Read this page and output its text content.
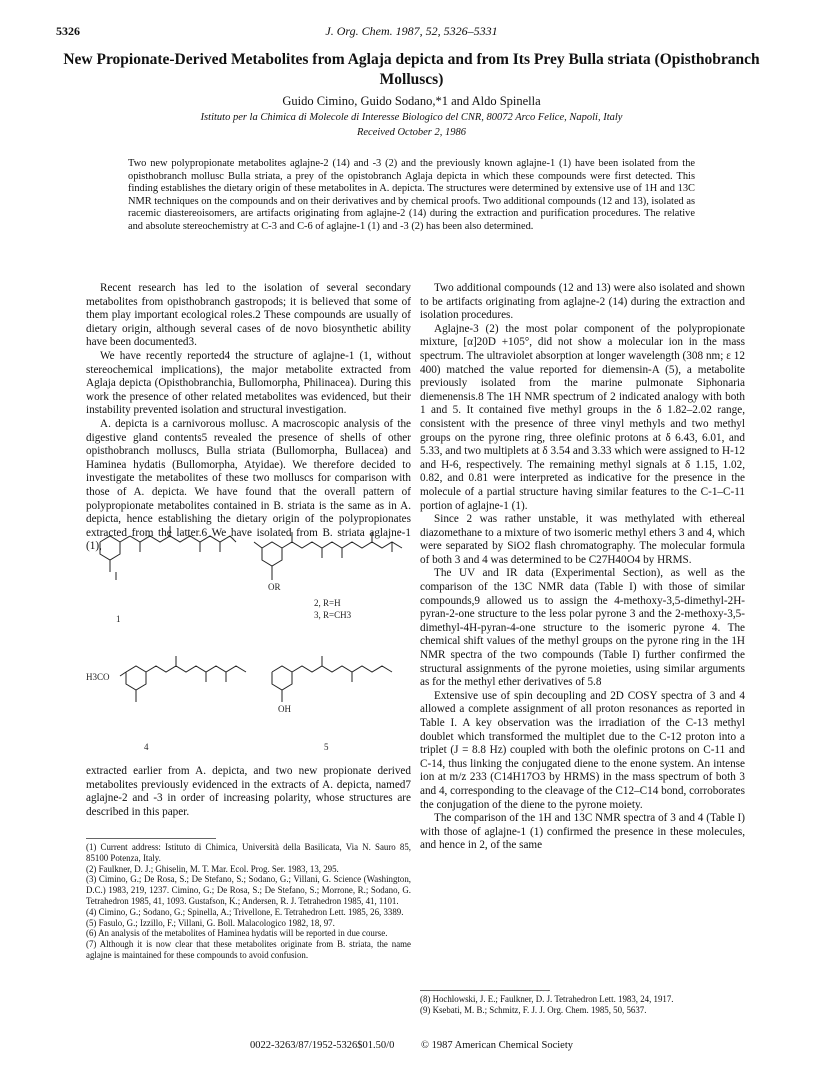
5326	J. Org. Chem. 1987, 52, 5326–5331
New Propionate-Derived Metabolites from Aglaja depicta and from Its Prey Bulla striata (Opisthobranch Molluscs)
Guido Cimino, Guido Sodano,*1 and Aldo Spinella
Istituto per la Chimica di Molecole di Interesse Biologico del CNR, 80072 Arco Felice, Napoli, Italy
Received October 2, 1986
Two new polypropionate metabolites aglajne-2 (14) and -3 (2) and the previously known aglajne-1 (1) have been isolated from the opisthobranch mollusc Bulla striata, a prey of the opistobranch Aglaja depicta in which these compounds were first detected. This finding establishes the dietary origin of these metabolites in A. depicta. The structures were determined by extensive use of 1H and 13C NMR techniques on the compounds and on their derivatives and by chemical proofs. Two additional compounds (12 and 13), isolated as racemic diastereoisomers, are artifacts originating from aglajne-2 (14) during the extraction and purification procedures. The relative and absolute stereochemistry at C-3 and C-6 of aglajne-1 (1) and -3 (2) has been also determined.

Recent research has led to the isolation of several secondary metabolites from opisthobranch gastropods; it is believed that some of them play important ecological roles.2 These compounds are usually of dietary origin, although several cases of de novo biosynthetic ability have been documented3.

We have recently reported4 the structure of aglajne-1 (1, without stereochemical implications), the major metabolite extracted from Aglaja depicta (Opisthobranchia, Bullomorpha, Philinacea). During this work the presence of other related metabolites was evidenced, but their instability prevented isolation and structural investigation.

A. depicta is a carnivorous mollusc. A macroscopic analysis of the digestive gland contents5 revealed the presence of shells of other opisthobranch molluscs, Bulla striata (Bullomorpha, Bullacea) and Haminea hydatis (Bullomorpha, Atyidae). We therefore decided to investigate the metabolites of these two molluscs for comparison with those of A. depicta. We have found that the overall pattern of polypropionate metabolites contained in B. striata is the same as in A. depicta, hence establishing the dietary origin of the polypropionates extracted from the latter.6 We have isolated from B. striata aglajne-1 (1),

1
2, R=H
3, R=CH3
4	5
OH
OR
H3CO

extracted earlier from A. depicta, and two new propionate derived metabolites previously evidenced in the extracts of A. depicta, named7 aglajne-2 and -3 in order of increasing polarity, whose structures are described in this paper.

Two additional compounds (12 and 13) were also isolated and shown to be artifacts originating from aglajne-2 (14) during the extraction and isolation procedures.

Aglajne-3 (2) the most polar component of the polypropionate mixture, [α]20D +105°, did not show a molecular ion in the mass spectrum. The ultraviolet absorption at longer wavelength (308 nm; ε 12 400) matched the value reported for diemensin-A (5), a metabolite previously isolated from the marine pulmonate Siphonaria diemenensis.8 The 1H NMR spectrum of 2 indicated analogy with both 1 and 5. It contained five methyl groups in the δ 1.82–2.02 range, consistent with the presence of three vinyl methyls and two methyl groups on the pyrone ring, three olefinic protons at δ 6.43, 6.01, and 5.33, and two multiplets at δ 3.54 and 3.33 which were assigned to H-12 and H-6, respectively. The remaining methyl signals at δ 1.15, 1.02, 0.82, and 0.81 were interpreted as indicative for the presence in the molecule of a partial structure having similar features to the C-1–C-11 portion of aglajne-1 (1).

Since 2 was rather unstable, it was methylated with ethereal diazomethane to a mixture of two isomeric methyl ethers 3 and 4, which were separated by SiO2 flash chromatography. The molecular formula of both 3 and 4 was determined to be C27H40O4 by HRMS.

The UV and IR data (Experimental Section), as well as the comparison of the 13C NMR data (Table I) with those of similar compounds,9 allowed us to assign the 4-methoxy-3,5-dimethyl-2H-pyran-2-one structure to the less polar pyrone 3 and the 2-methoxy-3,5-dimethyl-4H-pyran-4-one structure to the isomeric pyrone 4. The chemical shift values of the methyl groups on the pyrone ring in the 1H NMR spectra of the two compounds (Table I) further confirmed the structural assignments of the pyrone moieties, using similar arguments as for the methyl ether derivatives of 5.8

Extensive use of spin decoupling and 2D COSY spectra of 3 and 4 allowed a complete assignment of all proton resonances as reported in Table I. A key observation was the irradiation of the C-13 methyl doublet which transformed the multiplet due to the C-12 proton into a triplet (J = 8.8 Hz) coupled with both the olefinic protons on C-11 and C-14, thus linking the conjugated diene to the enone system. An intense ion at m/z 233 (C14H17O3 by HRMS) in the mass spectrum of both 3 and 4, corresponding to the cleavage of the C12–C14 bond, corroborates the conjugation of the diene to the pyrone moiety.

The comparison of the 1H and 13C NMR spectra of 3 and 4 (Table I) with those of aglajne-1 (1) confirmed the presence in these molecules, and hence in 2, of the same

(1) Current address: Istituto di Chimica, Università della Basilicata, Via N. Sauro 85, 85100 Potenza, Italy.
(2) Faulkner, D. J.; Ghiselin, M. T. Mar. Ecol. Prog. Ser. 1983, 13, 295.
(3) Cimino, G.; De Rosa, S.; De Stefano, S.; Sodano, G.; Villani, G. Science (Washington, D.C.) 1983, 219, 1237. Cimino, G.; De Rosa, S.; De Stefano, S.; Morrone, R.; Sodano, G. Tetrahedron 1985, 41, 1093. Gustafson, K.; Andersen, R. J. Tetrahedron 1985, 41, 1101.
(4) Cimino, G.; Sodano, G.; Spinella, A.; Trivellone, E. Tetrahedron Lett. 1985, 26, 3389.
(5) Fasulo, G.; Izzillo, F.; Villani, G. Boll. Malacologico 1982, 18, 97.
(6) An analysis of the metabolites of Haminea hydatis will be reported in due course.
(7) Although it is now clear that these metabolites originate from B. striata, the name aglajne is maintained for these compounds to avoid confusion.
(8) Hochlowski, J. E.; Faulkner, D. J. Tetrahedron Lett. 1983, 24, 1917.
(9) Ksebati, M. B.; Schmitz, F. J. J. Org. Chem. 1985, 50, 5637.
0022-3263/87/1952-5326$01.50/0	© 1987 American Chemical Society
